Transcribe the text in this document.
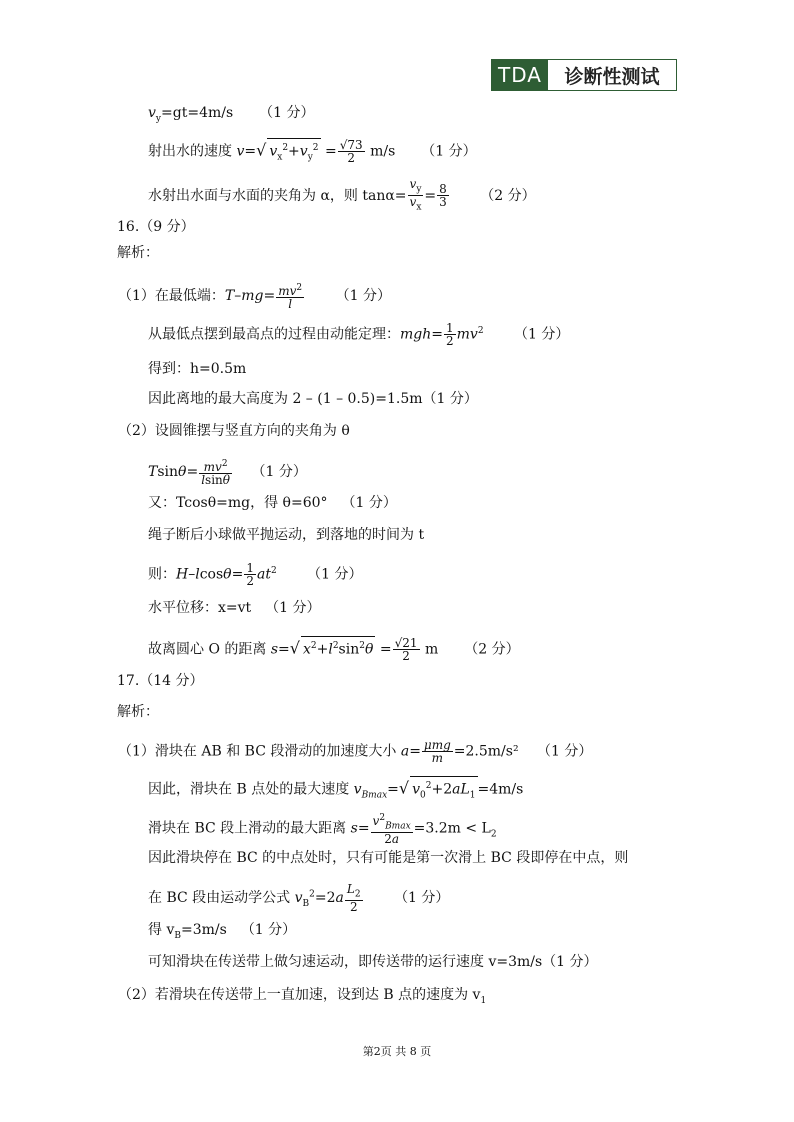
TDA	诊断性测试
$v_y=gt=4m/s$ （1 分）
射出水的速度 v=√ $v_x^2+v_y^2 = \frac{√73}{2} m/s$ （1 分）
水射出水面与水面的夹角为 α，则 $\tan\alpha= \frac{v_y}{v_x} = \frac{8}{3} (2$ 分）
16.（9 分）
解析：
（1）在最低端：$T-mg= \frac{mv^2}{l} (1$ 分）
从最低点摆到最高点的过程由动能定理：$mgh= \frac{1}{2} mv^2$ （1 分）
得到：h=0.5m
因此离地的最大高度为 2 – (1 – 0.5)=1.5m（1 分）
（2）设圆锥摆与竖直方向的夹角为 θ
$Tsin\theta= \frac{mv^2}{lsin\theta} (1$ 分）
又：Tcosθ=mg，得 θ=60° （1 分）
绳子断后小球做平抛运动，到落地的时间为 t
则：$H-lcos\theta= \frac{1}{2} at^2$ （1 分）
水平位移：x=vt （1 分）
故离圆心 O 的距离 s=√ $x^2+l^2\sin^2\theta = \frac{√21}{2}$ m （2 分）
17.（14 分）
解析：
（1）滑块在 AB 和 BC 段滑动的加速度大小 $a= \frac{\text{μmg}}{m} =2.5m/s^2$ （1 分）
因此，滑块在 B 点处的最大速度 $v_{Bmax}=√$ $v_0^2+2aL_1 =4m/s$
滑块在 BC 段上滑动的最大距离 $s= \frac{v^2_{Bmax}}{2a} =3.2m < L_2$
因此滑块停在 BC 的中点处时，只有可能是第一次滑上 BC 段即停在中点，则
在 BC 段由运动学公式 $v_B^2=2a \frac{L_2}{2} (1$ 分）
得 $v_B=3m/s$ （1 分）
可知滑块在传送带上做匀速运动，即传送带的运行速度 v=3m/s（1 分）
（2）若滑块在传送带上一直加速，设到达 B 点的速度为 $v_1$
第2页 共 8 页
